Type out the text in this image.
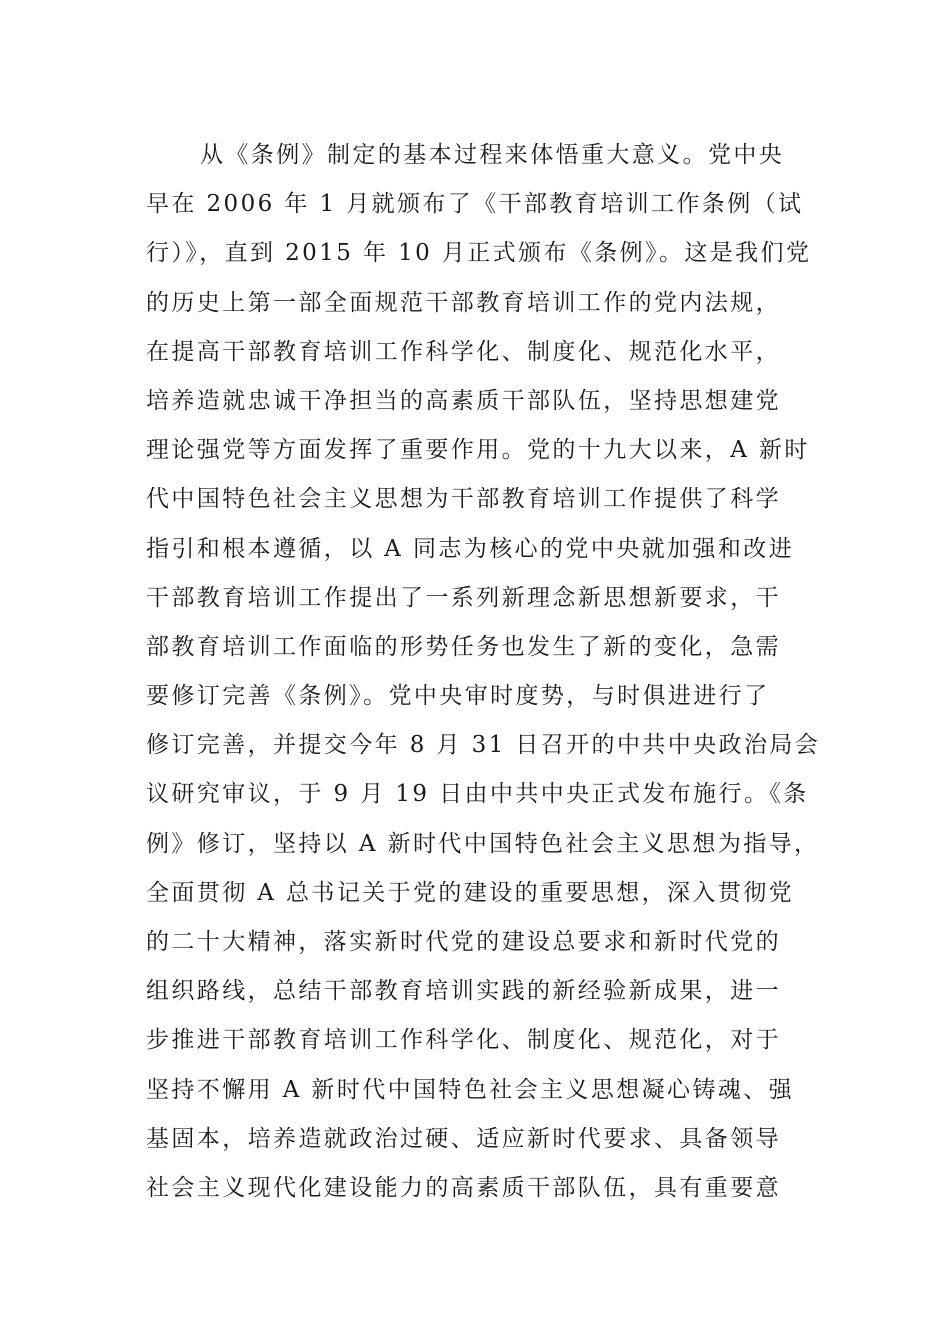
从《条例》制定的基本过程来体悟重大意义。党中央
早在 2006 年 1 月就颁布了《干部教育培训工作条例（试
行）》，直到 2015 年 10 月正式颁布《条例》。这是我们党
的历史上第一部全面规范干部教育培训工作的党内法规，
在提高干部教育培训工作科学化、制度化、规范化水平，
培养造就忠诚干净担当的高素质干部队伍，坚持思想建党
理论强党等方面发挥了重要作用。党的十九大以来，A 新时
代中国特色社会主义思想为干部教育培训工作提供了科学
指引和根本遵循，以 A 同志为核心的党中央就加强和改进
干部教育培训工作提出了一系列新理念新思想新要求，干
部教育培训工作面临的形势任务也发生了新的变化，急需
要修订完善《条例》。党中央审时度势，与时俱进进行了
修订完善，并提交今年 8 月 31 日召开的中共中央政治局会
议研究审议，于 9 月 19 日由中共中央正式发布施行。《条
例》修订，坚持以 A 新时代中国特色社会主义思想为指导，
全面贯彻 A 总书记关于党的建设的重要思想，深入贯彻党
的二十大精神，落实新时代党的建设总要求和新时代党的
组织路线，总结干部教育培训实践的新经验新成果，进一
步推进干部教育培训工作科学化、制度化、规范化，对于
坚持不懈用 A 新时代中国特色社会主义思想凝心铸魂、强
基固本，培养造就政治过硬、适应新时代要求、具备领导
社会主义现代化建设能力的高素质干部队伍，具有重要意
